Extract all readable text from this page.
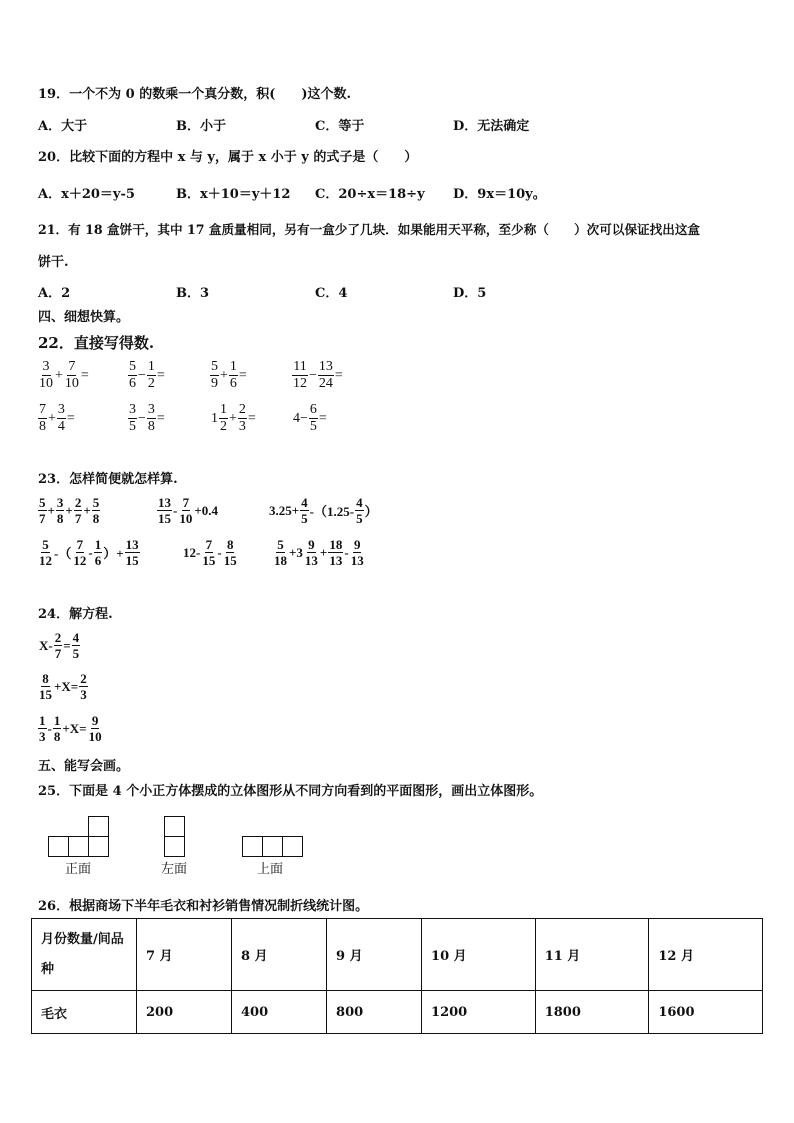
19．一个不为 0 的数乘一个真分数，积(　　)这个数.
A．大于	B．小于	C．等于	D．无法确定
20．比较下面的方程中 x 与 y，属于 x 小于 y 的式子是（　　）
A．x＋20＝y-5	B．x＋10＝y＋12 C．20÷x＝18÷y D．9x＝10y。
21．有 18 盒饼干，其中 17 盒质量相同，另有一盒少了几块．如果能用天平称，至少称（　　）次可以保证找出这盒
饼干.
A．2	B．3	C．4	D．5
四、细想快算。
22．直接写得数.
$\frac{3}{10} + \frac{7}{10}$ =	$\frac{5}{6} - \frac{1}{2}$ =	$\frac{5}{9} + \frac{1}{6}$ =	$\frac{11}{12} - \frac{13}{24}$ =
$\frac{7}{8} + \frac{3}{4}$ =	$\frac{3}{5} - \frac{3}{8}$ =	$1 \frac{1}{2} + \frac{2}{3}$ =	$4- \frac{6}{5}$ =
23．怎样简便就怎样算.
$\frac{5}{7} + \frac{3}{8} + \frac{2}{7} + \frac{5}{8}$	$\frac{13}{15} - \frac{7}{10} +0.4$	$3.25+ \frac{4}{5} -(1.25- \frac{4}{5}$ ）
$\frac{5}{12}$ -（ $\frac{7}{12} - \frac{1}{6}$ ）+ $\frac{13}{15}$	$12- \frac{7}{15} - \frac{8}{15}$	$\frac{5}{18} +3 \frac{9}{13} + \frac{18}{13} - \frac{9}{13}$
24．解方程.
$X- \frac{2}{7} = \frac{4}{5}$
$\frac{8}{15} +X= \frac{2}{3}$
$\frac{1}{3} - \frac{1}{8} +X= \frac{9}{10}$
五、能写会画。
25．下面是 4 个小正方体摆成的立体图形从不同方向看到的平面图形，画出立体图形。
正面	左面	上面
26．根据商场下半年毛衣和衬衫销售情况制折线统计图。
月份数量/间品
种	7 月	8 月	9 月	10 月	11 月	12 月
毛衣	200	400	800	1200	1800	1600
